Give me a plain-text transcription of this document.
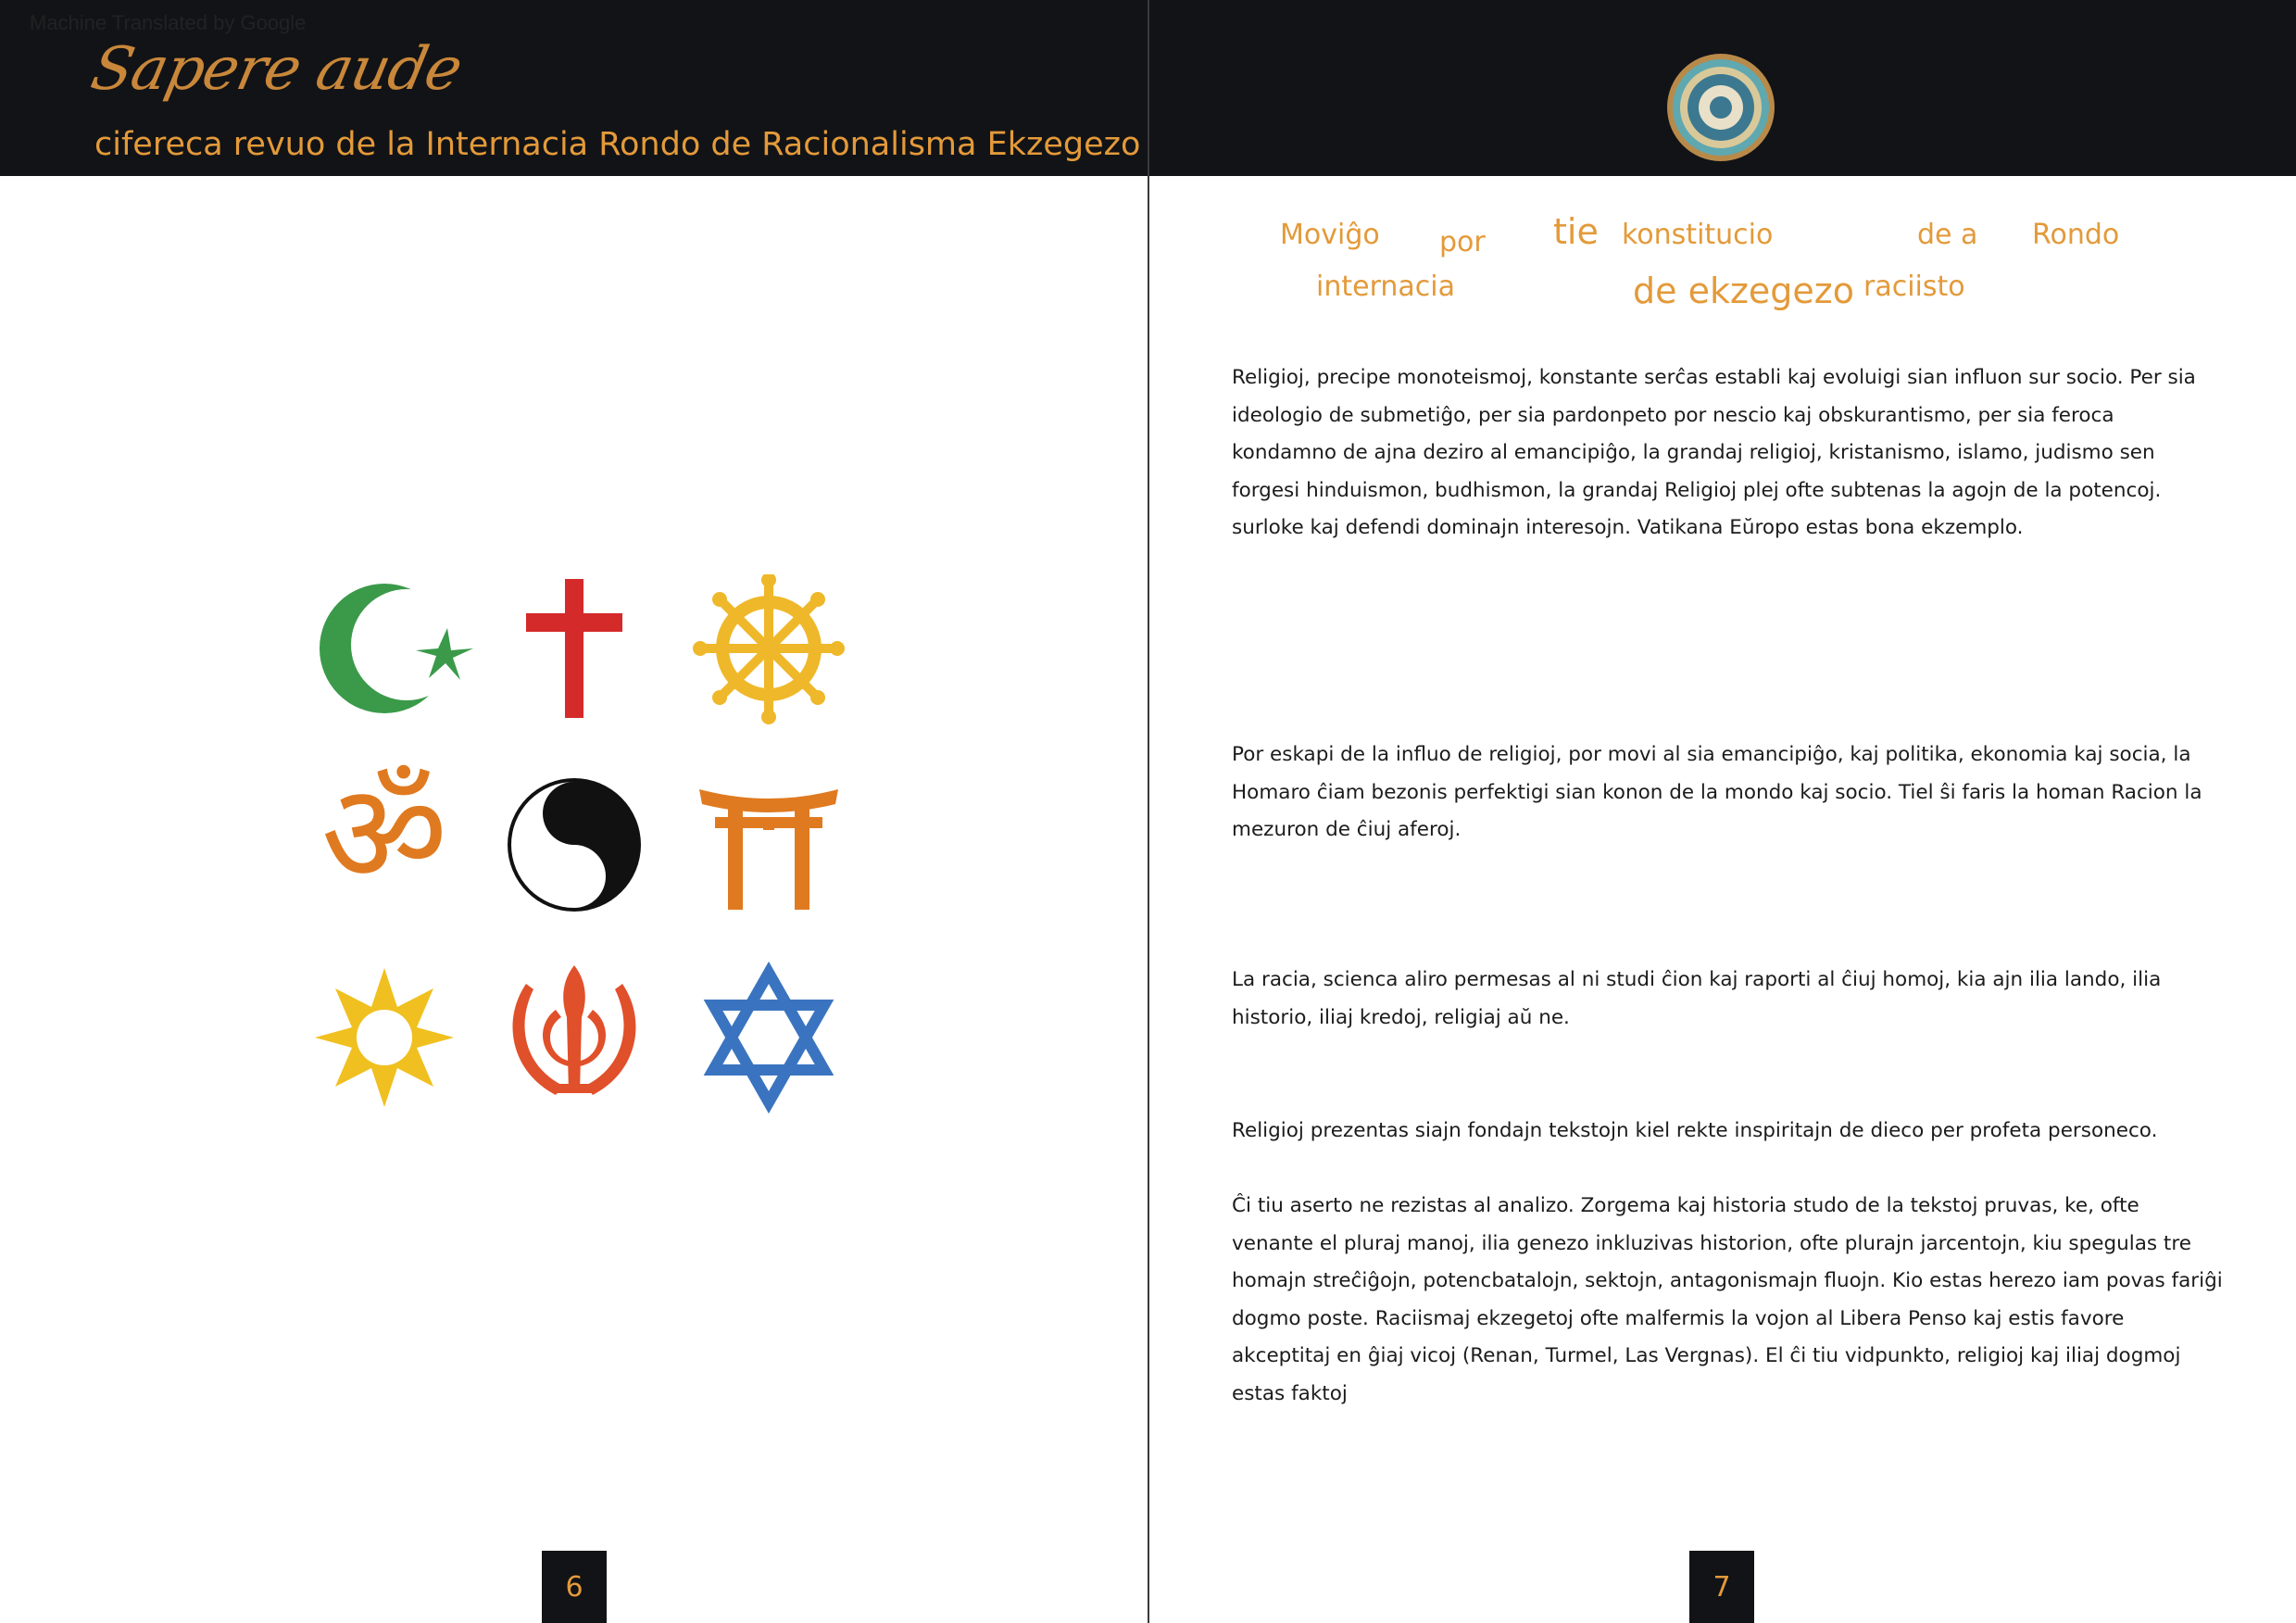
Machine Translated by Google
Sapere aude
cifereca revuo de la Internacia Rondo de Racionalisma Ekzegezo
ॐ
6
Moviĝo por tie konstitucio	de a Rondo
internacia	de ekzegezo raciisto
Religioj, precipe monoteismoj, konstante serĉas establi kaj evoluigi sian influon sur socio. Per sia ideologio de submetiĝo, per sia pardonpeto por nescio kaj obskurantismo, per sia feroca kondamno de ajna deziro al emancipiĝo, la grandaj religioj, kristanismo, islamo, judismo sen forgesi hinduismon, budhismon, la grandaj Religioj plej ofte subtenas la agojn de la potencoj. surloke kaj defendi dominajn interesojn. Vatikana Eŭropo estas bona ekzemplo.
Por eskapi de la influo de religioj, por movi al sia emancipiĝo, kaj politika, ekonomia kaj socia, la Homaro ĉiam bezonis perfektigi sian konon de la mondo kaj socio. Tiel ŝi faris la homan Racion la mezuron de ĉiuj aferoj.
La racia, scienca aliro permesas al ni studi ĉion kaj raporti al ĉiuj homoj, kia ajn ilia lando, ilia historio, iliaj kredoj, religiaj aŭ ne.
Religioj prezentas siajn fondajn tekstojn kiel rekte inspiritajn de dieco per profeta personeco.
Ĉi tiu aserto ne rezistas al analizo. Zorgema kaj historia studo de la tekstoj pruvas, ke, ofte venante el pluraj manoj, ilia genezo inkluzivas historion, ofte plurajn jarcentojn, kiu spegulas tre homajn streĉiĝojn, potencbatalojn, sektojn, antagonismajn fluojn. Kio estas herezo iam povas fariĝi dogmo poste. Raciismaj ekzegetoj ofte malfermis la vojon al Libera Penso kaj estis favore akceptitaj en ĝiaj vicoj (Renan, Turmel, Las Vergnas). El ĉi tiu vidpunkto, religioj kaj iliaj dogmoj estas faktoj
7
